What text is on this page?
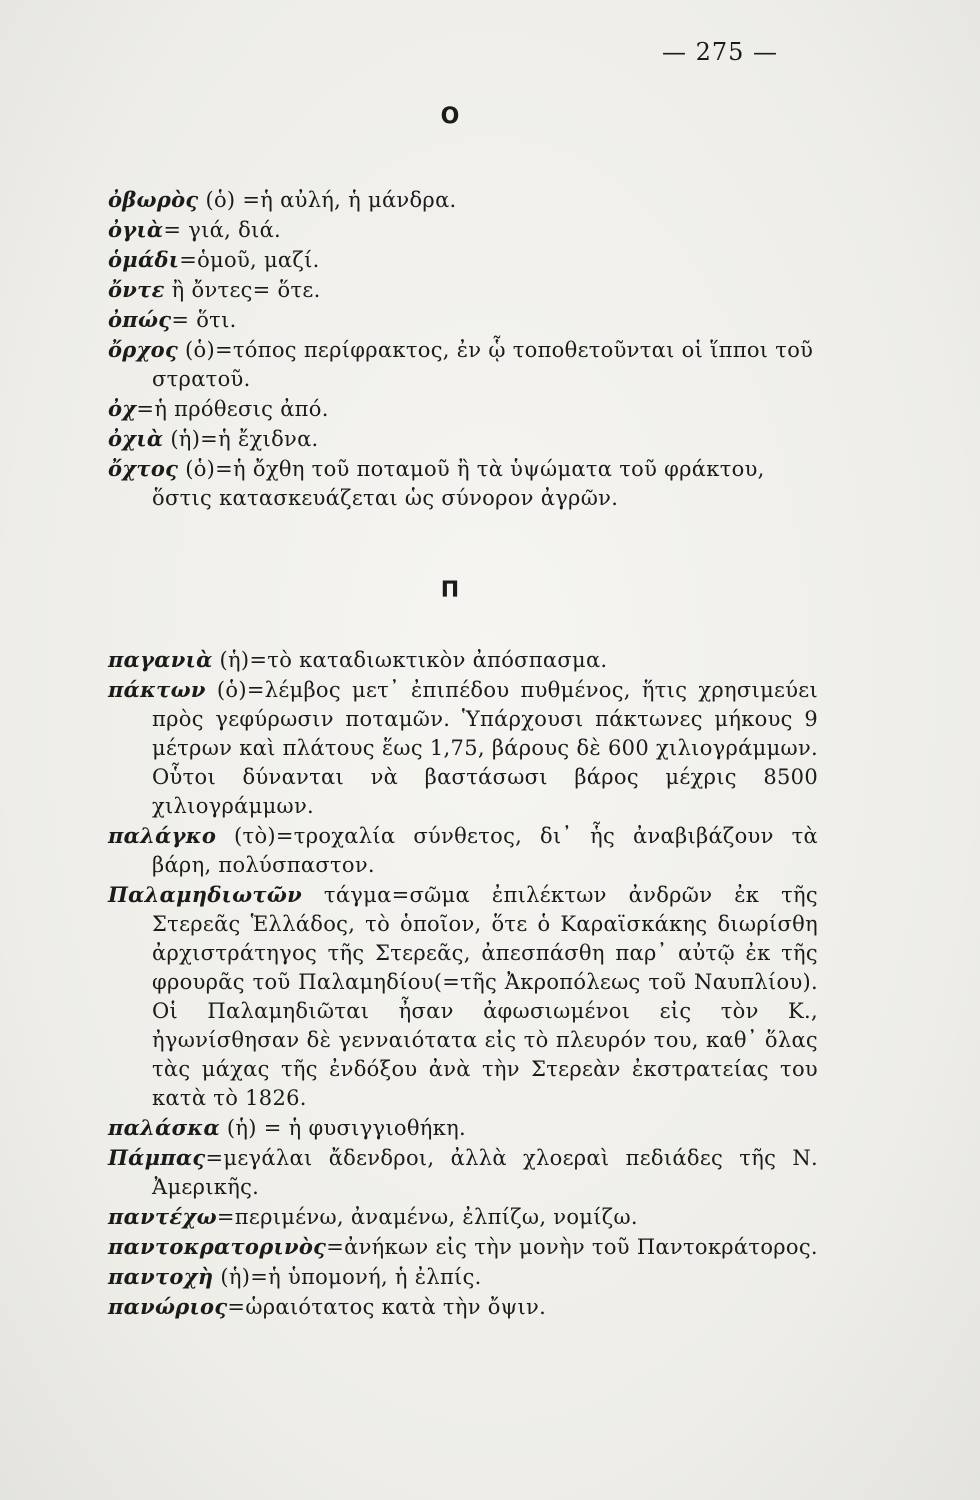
— 275 —
Ο

ὀβωρὸς (ὁ) =ἡ αὐλή, ἡ μάνδρα.

ὀγιὰ= γιά, διά.

ὁμάδι=ὁμοῦ, μαζί.

ὄντε ἢ ὄντες= ὅτε.

ὀπώς= ὅτι.

ὄρχος (ὁ)=τόπος περίφρακτος, ἐν ᾧ τοποθετοῦνται οἱ ἵπποι τοῦ στρατοῦ.

ὀχ=ἡ πρόθεσις ἀπό.

ὀχιὰ (ἡ)=ἡ ἔχιδνα.

ὄχτος (ὁ)=ἡ ὄχθη τοῦ ποταμοῦ ἢ τὰ ὑψώματα τοῦ φράκτου, ὅστις κατασκευάζεται ὡς σύνορον ἀγρῶν.

Π

παγανιὰ (ἡ)=τὸ καταδιωκτικὸν ἀπόσπασμα.

πάκτων (ὁ)=λέμβος μετ᾽ ἐπιπέδου πυθμένος, ἥτις χρησιμεύει πρὸς γεφύρωσιν ποταμῶν. Ὑπάρχουσι πάκτωνες μήκους 9 μέτρων καὶ πλάτους ἕως 1,75, βάρους δὲ 600 χιλιογράμμων. Οὗτοι δύνανται νὰ βαστάσωσι βάρος μέχρις 8500 χιλιογράμμων.

παλάγκο (τὸ)=τροχαλία σύνθετος, δι᾽ ἧς ἀναβιβάζουν τὰ βάρη, πολύσπαστον.

Παλαμηδιωτῶν τάγμα=σῶμα ἐπιλέκτων ἀνδρῶν ἐκ τῆς Στερεᾶς Ἑλλάδος, τὸ ὁποῖον, ὅτε ὁ Καραϊσκάκης διωρίσθη ἀρχιστράτηγος τῆς Στερεᾶς, ἀπεσπάσθη παρ᾽ αὐτῷ ἐκ τῆς φρουρᾶς τοῦ Παλαμηδίου(=τῆς Ἀκροπόλεως τοῦ Ναυπλίου). Οἱ Παλαμηδιῶται ἦσαν ἀφωσιωμένοι εἰς τὸν Κ., ἠγωνίσθησαν δὲ γενναιότατα εἰς τὸ πλευρόν του, καθ᾽ ὅλας τὰς μάχας τῆς ἐνδόξου ἀνὰ τὴν Στερεὰν ἐκστρατείας του κατὰ τὸ 1826.

παλάσκα (ἡ) = ἡ φυσιγγιοθήκη.

Πάμπας=μεγάλαι ἄδενδροι, ἀλλὰ χλοεραὶ πεδιάδες τῆς Ν. Ἀμερικῆς.

παντέχω=περιμένω, ἀναμένω, ἐλπίζω, νομίζω.

παντοκρατορινὸς=ἀνήκων εἰς τὴν μονὴν τοῦ Παντοκράτορος.

παντοχὴ (ἡ)=ἡ ὑπομονή, ἡ ἐλπίς.

πανώριος=ὡραιότατος κατὰ τὴν ὄψιν.
